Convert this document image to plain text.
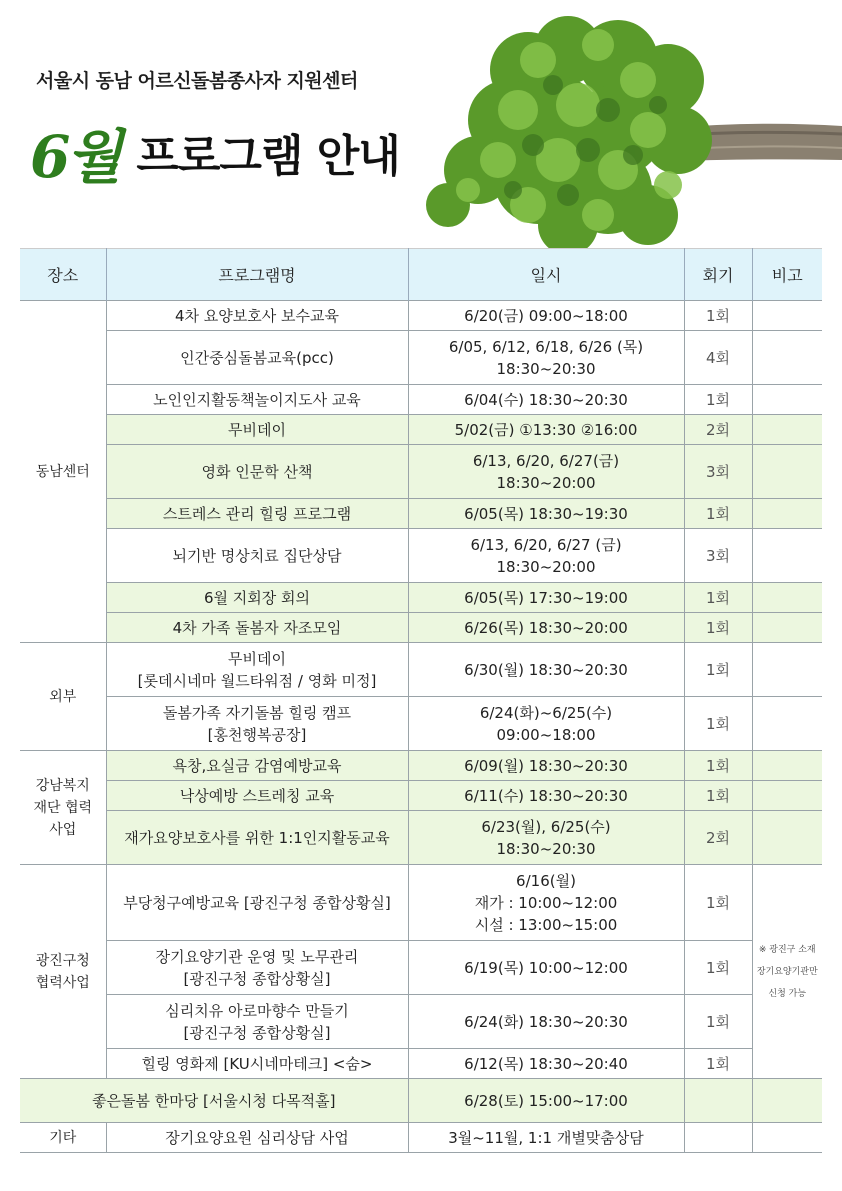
서울시 동남 어르신돌봄종사자 지원센터
6월 프로그램 안내
장소	프로그램명	일시	회기	비고
동남센터	4차 요양보호사 보수교육	6/20(금) 09:00~18:00	1회	
	인간중심돌봄교육(pcc)	6/05, 6/12, 6/18, 6/26 (목)
18:30~20:30	4회	
	노인인지활동책놀이지도사 교육	6/04(수) 18:30~20:30	1회	
	무비데이	5/02(금) ①13:30 ②16:00	2회	
	영화 인문학 산책	6/13, 6/20, 6/27(금)
18:30~20:00	3회	
	스트레스 관리 힐링 프로그램	6/05(목) 18:30~19:30	1회	
	뇌기반 명상치료 집단상담	6/13, 6/20, 6/27 (금)
18:30~20:00	3회	
	6월 지회장 회의	6/05(목) 17:30~19:00	1회	
	4차 가족 돌봄자 자조모임	6/26(목) 18:30~20:00	1회	
외부	무비데이
[롯데시네마 월드타워점 / 영화 미정]	6/30(월) 18:30~20:30	1회	
	돌봄가족 자기돌봄 힐링 캠프
[홍천행복공장]	6/24(화)~6/25(수)
09:00~18:00	1회	
강남복지
재단 협력
사업	욕창,요실금 감염예방교육	6/09(월) 18:30~20:30	1회	
	낙상예방 스트레칭 교육	6/11(수) 18:30~20:30	1회	
	재가요양보호사를 위한 1:1인지활동교육	6/23(월), 6/25(수)
18:30~20:30	2회	
광진구청
협력사업	부당청구예방교육 [광진구청 종합상황실]	6/16(월)
재가 : 10:00~12:00
시설 : 13:00~15:00	1회	※ 광진구 소재
장기요양기관만
신청 가능
	장기요양기관 운영 및 노무관리
[광진구청 종합상황실]	6/19(목) 10:00~12:00	1회	
	심리치유 아로마향수 만들기
[광진구청 종합상황실]	6/24(화) 18:30~20:30	1회	
	힐링 영화제 [KU시네마테크] <숨>	6/12(목) 18:30~20:40	1회	
좋은돌봄 한마당 [서울시청 다목적홀]		6/28(토) 15:00~17:00		
기타	장기요양요원 심리상담 사업	3월~11월, 1:1 개별맞춤상담		
